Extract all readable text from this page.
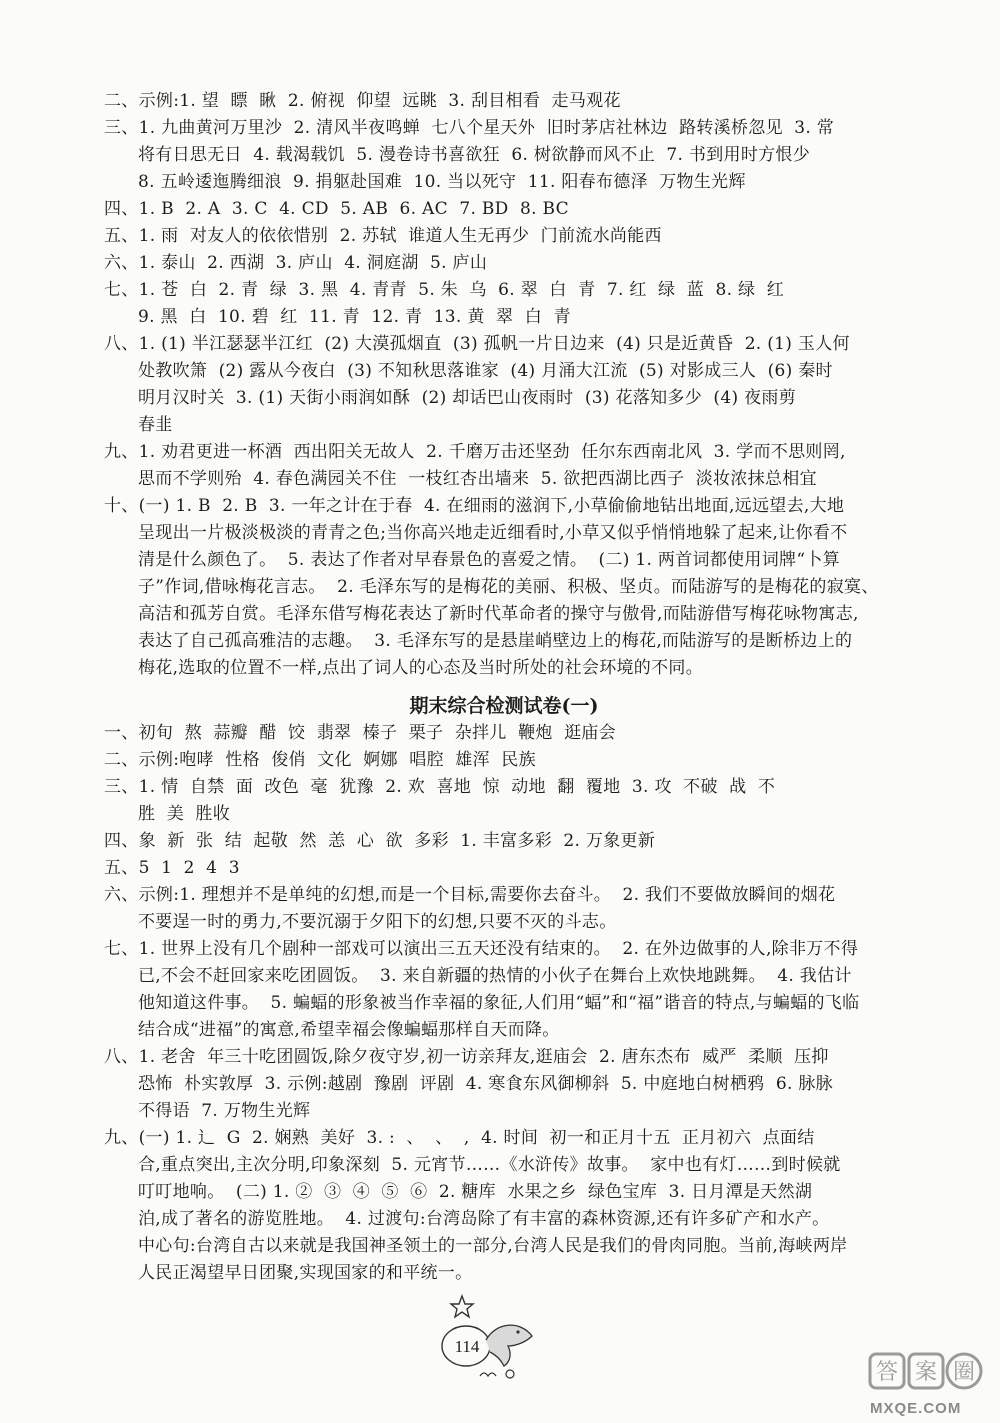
二、示例:1. 望  瞟  瞅  2. 俯视  仰望  远眺  3. 刮目相看  走马观花
三、1. 九曲黄河万里沙  2. 清风半夜鸣蝉  七八个星天外  旧时茅店社林边  路转溪桥忽见  3. 常
将有日思无日  4. 载渴载饥  5. 漫卷诗书喜欲狂  6. 树欲静而风不止  7. 书到用时方恨少
8. 五岭逶迤腾细浪  9. 捐躯赴国难  10. 当以死守  11. 阳春布德泽  万物生光辉
四、1. B  2. A  3. C  4. CD  5. AB  6. AC  7. BD  8. BC
五、1. 雨  对友人的依依惜别  2. 苏轼  谁道人生无再少  门前流水尚能西
六、1. 泰山  2. 西湖  3. 庐山  4. 洞庭湖  5. 庐山
七、1. 苍  白  2. 青  绿  3. 黑  4. 青青  5. 朱  乌  6. 翠  白  青  7. 红  绿  蓝  8. 绿  红
9. 黑  白  10. 碧  红  11. 青  12. 青  13. 黄  翠  白  青
八、1. (1) 半江瑟瑟半江红  (2) 大漠孤烟直  (3) 孤帆一片日边来  (4) 只是近黄昏  2. (1) 玉人何
处教吹箫  (2) 露从今夜白  (3) 不知秋思落谁家  (4) 月涌大江流  (5) 对影成三人  (6) 秦时
明月汉时关  3. (1) 天街小雨润如酥  (2) 却话巴山夜雨时  (3) 花落知多少  (4) 夜雨剪
春韭
九、1. 劝君更进一杯酒  西出阳关无故人  2. 千磨万击还坚劲  任尔东西南北风  3. 学而不思则罔,
思而不学则殆  4. 春色满园关不住  一枝红杏出墙来  5. 欲把西湖比西子  淡妆浓抹总相宜
十、(一) 1. B  2. B  3. 一年之计在于春  4. 在细雨的滋润下,小草偷偷地钻出地面,远远望去,大地
呈现出一片极淡极淡的青青之色;当你高兴地走近细看时,小草又似乎悄悄地躲了起来,让你看不
清是什么颜色了。  5. 表达了作者对早春景色的喜爱之情。  (二) 1. 两首词都使用词牌“卜算
子”作词,借咏梅花言志。  2. 毛泽东写的是梅花的美丽、积极、坚贞。而陆游写的是梅花的寂寞、
高洁和孤芳自赏。毛泽东借写梅花表达了新时代革命者的操守与傲骨,而陆游借写梅花咏物寓志,
表达了自己孤高雅洁的志趣。  3. 毛泽东写的是悬崖峭壁边上的梅花,而陆游写的是断桥边上的
梅花,选取的位置不一样,点出了词人的心态及当时所处的社会环境的不同。
期末综合检测试卷(一)
一、初旬  熬  蒜瓣  醋  饺  翡翠  榛子  栗子  杂拌儿  鞭炮  逛庙会
二、示例:咆哮  性格  俊俏  文化  婀娜  唱腔  雄浑  民族
三、1. 情  自禁  面  改色  毫  犹豫  2. 欢  喜地  惊  动地  翻  覆地  3. 攻  不破  战  不
胜  美  胜收
四、象  新  张  结  起敬  然  恙  心  欲  多彩  1. 丰富多彩  2. 万象更新
五、5  1  2  4  3
六、示例:1. 理想并不是单纯的幻想,而是一个目标,需要你去奋斗。  2. 我们不要做放瞬间的烟花
不要逞一时的勇力,不要沉溺于夕阳下的幻想,只要不灭的斗志。
七、1. 世界上没有几个剧种一部戏可以演出三五天还没有结束的。  2. 在外边做事的人,除非万不得
已,不会不赶回家来吃团圆饭。  3. 来自新疆的热情的小伙子在舞台上欢快地跳舞。  4. 我估计
他知道这件事。  5. 蝙蝠的形象被当作幸福的象征,人们用“蝠”和“福”谐音的特点,与蝙蝠的飞临
结合成“进福”的寓意,希望幸福会像蝙蝠那样自天而降。
八、1. 老舍  年三十吃团圆饭,除夕夜守岁,初一访亲拜友,逛庙会  2. 唐东杰布  威严  柔顺  压抑
恐怖  朴实敦厚  3. 示例:越剧  豫剧  评剧  4. 寒食东风御柳斜  5. 中庭地白树栖鸦  6. 脉脉
不得语  7. 万物生光辉
九、(一) 1. 辶  G  2. 娴熟  美好  3. :  、  、  ,  4. 时间  初一和正月十五  正月初六  点面结
合,重点突出,主次分明,印象深刻  5. 元宵节……《水浒传》故事。  家中也有灯……到时候就
叮叮地响。  (二) 1. ②  ③  ④  ⑤  ⑥  2. 糖库  水果之乡  绿色宝库  3. 日月潭是天然湖
泊,成了著名的游览胜地。  4. 过渡句:台湾岛除了有丰富的森林资源,还有许多矿产和水产。
中心句:台湾自古以来就是我国神圣领土的一部分,台湾人民是我们的骨肉同胞。当前,海峡两岸
人民正渴望早日团聚,实现国家的和平统一。
114
答 案 圈
MXQE.COM
